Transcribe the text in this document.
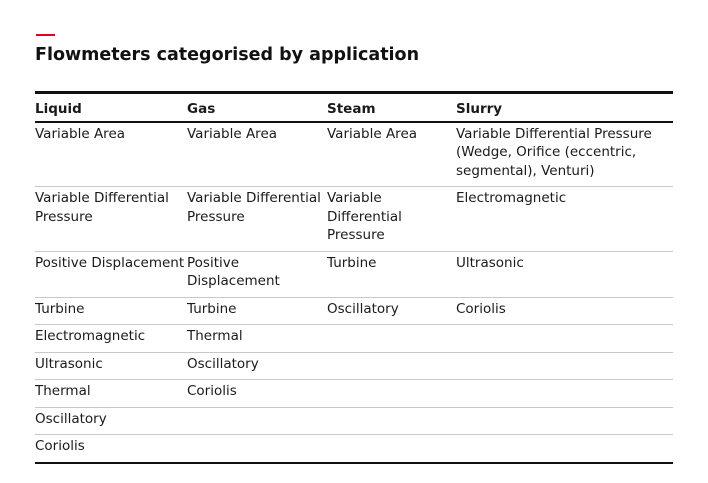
Flowmeters categorised by application
Liquid	Gas	Steam	Slurry
Variable Area	Variable Area	Variable Area	Variable Differential Pressure (Wedge, Orifice (eccentric, segmental), Venturi)
Variable Differential Pressure	Variable Differential Pressure	Variable Differential Pressure	Electromagnetic
Positive Displacement	Positive Displacement	Turbine	Ultrasonic
Turbine	Turbine	Oscillatory	Coriolis
Electromagnetic	Thermal		
Ultrasonic	Oscillatory		
Thermal	Coriolis		
Oscillatory			
Coriolis			
